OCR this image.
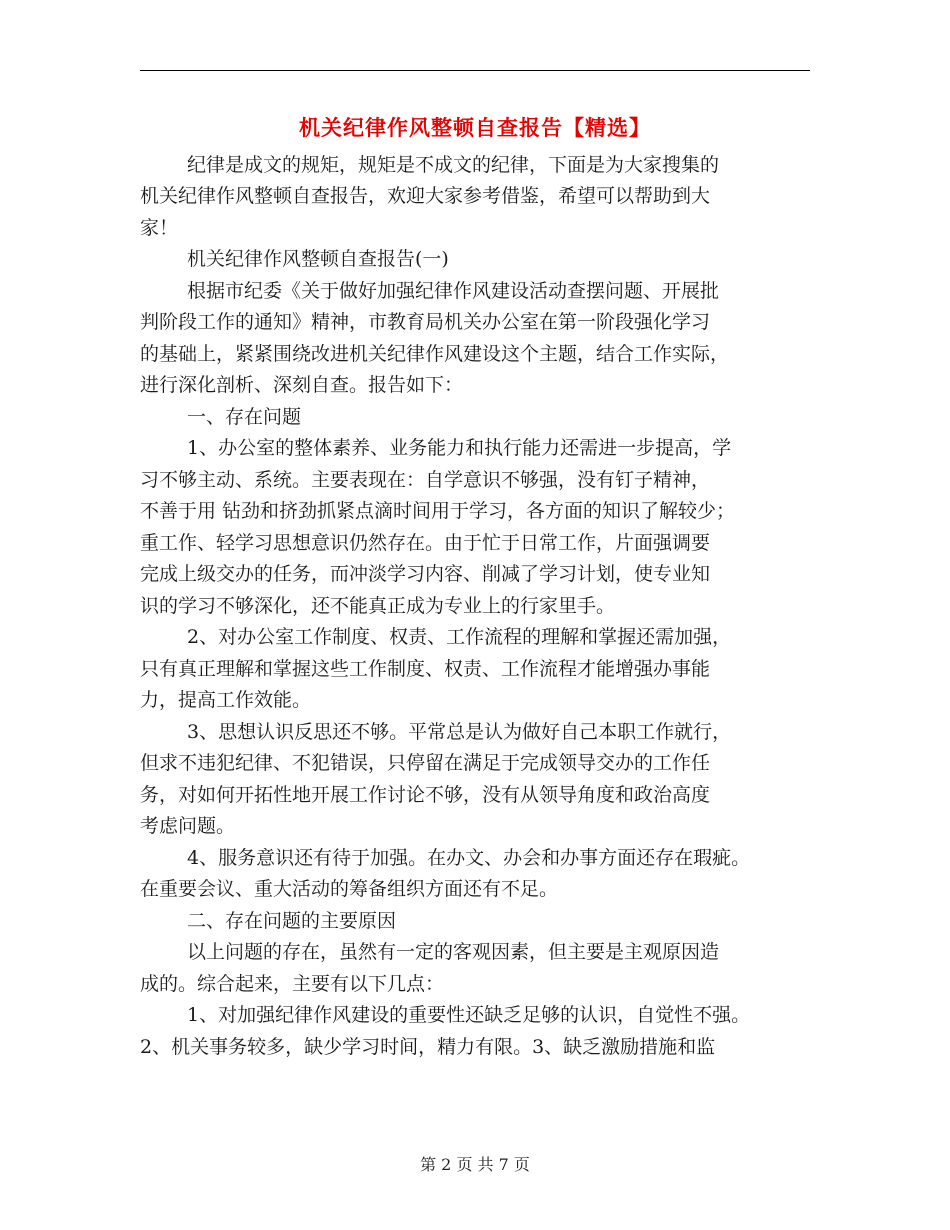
机关纪律作风整顿自查报告【精选】
纪律是成文的规矩，规矩是不成文的纪律，下面是为大家搜集的
机关纪律作风整顿自查报告，欢迎大家参考借鉴，希望可以帮助到大
家！
机关纪律作风整顿自查报告(一)
根据市纪委《关于做好加强纪律作风建设活动查摆问题、开展批
判阶段工作的通知》精神，市教育局机关办公室在第一阶段强化学习
的基础上，紧紧围绕改进机关纪律作风建设这个主题，结合工作实际，
进行深化剖析、深刻自查。报告如下：
一、存在问题
1、办公室的整体素养、业务能力和执行能力还需进一步提高，学
习不够主动、系统。主要表现在：自学意识不够强，没有钉子精神，
不善于用 钻劲和挤劲抓紧点滴时间用于学习，各方面的知识了解较少；
重工作、轻学习思想意识仍然存在。由于忙于日常工作，片面强调要
完成上级交办的任务，而冲淡学习内容、削减了学习计划，使专业知
识的学习不够深化，还不能真正成为专业上的行家里手。
2、对办公室工作制度、权责、工作流程的理解和掌握还需加强，
只有真正理解和掌握这些工作制度、权责、工作流程才能增强办事能
力，提高工作效能。
3、思想认识反思还不够。平常总是认为做好自己本职工作就行，
但求不违犯纪律、不犯错误，只停留在满足于完成领导交办的工作任
务，对如何开拓性地开展工作讨论不够，没有从领导角度和政治高度
考虑问题。
4、服务意识还有待于加强。在办文、办会和办事方面还存在瑕疵。
在重要会议、重大活动的筹备组织方面还有不足。
二、存在问题的主要原因
以上问题的存在，虽然有一定的客观因素，但主要是主观原因造
成的。综合起来，主要有以下几点：
1、对加强纪律作风建设的重要性还缺乏足够的认识，自觉性不强。
2、机关事务较多，缺少学习时间，精力有限。3、缺乏激励措施和监
第 2 页 共 7 页
